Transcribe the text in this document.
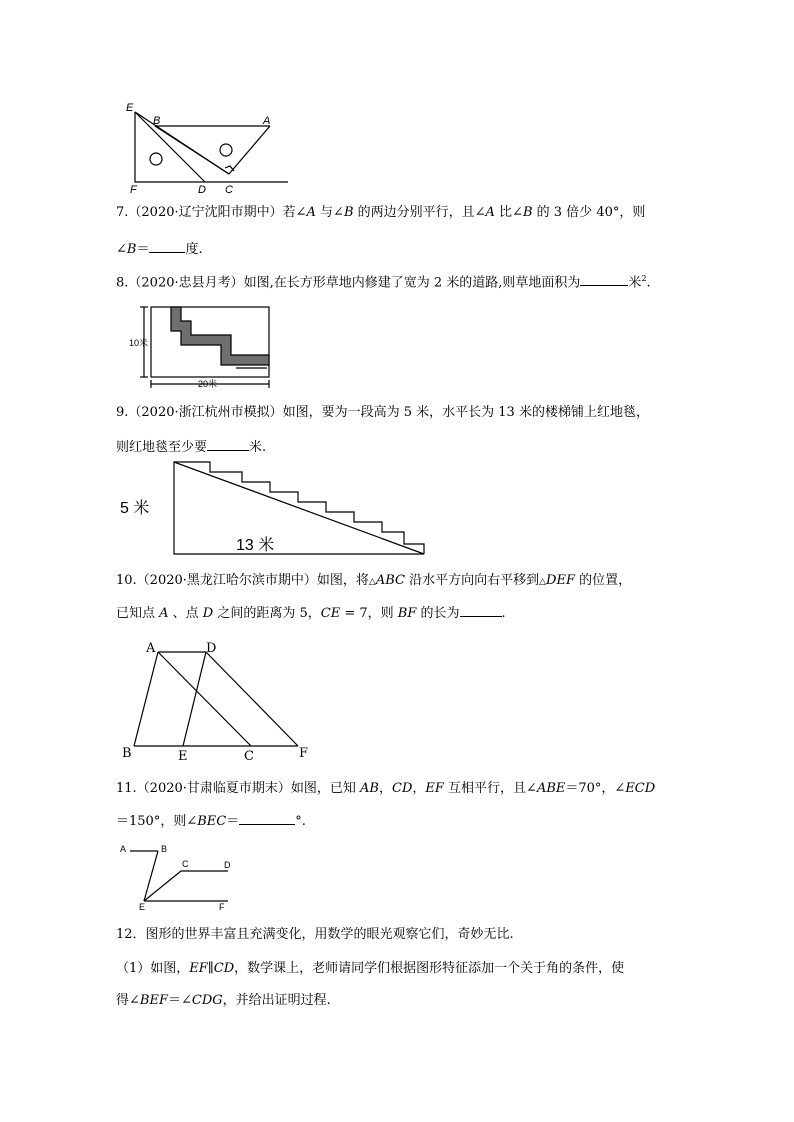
E
B	A
F	D C
7.（2020·辽宁沈阳市期中）若∠A 与∠B 的两边分别平行，且∠A 比∠B 的 3 倍少 40°，则
∠B＝	度.
8.（2020·忠县月考）如图,在长方形草地内修建了宽为 2 米的道路,则草地面积为	米$^2$.
10米
20米
9.（2020·浙江杭州市模拟）如图，要为一段高为 5 米，水平长为 13 米的楼梯铺上红地毯，
则红地毯至少要	米.
5 米
13 米
10.（2020·黑龙江哈尔滨市期中）如图，将△ABC 沿水平方向向右平移到△DEF 的位置，
已知点 A 、点 D 之间的距离为 5，CE = 7，则 BF 的长为	.
A	D
B	E	C	F
11.（2020·甘肃临夏市期末）如图，已知 AB，CD，EF 互相平行，且∠ABE＝70°，∠ECD
＝150°，则∠BEC＝	°.
A	B
C	D
E	F
12．图形的世界丰富且充满变化，用数学的眼光观察它们，奇妙无比.
（1）如图，EF∥CD，数学课上，老师请同学们根据图形特征添加一个关于角的条件，使
得∠BEF＝∠CDG，并给出证明过程.
